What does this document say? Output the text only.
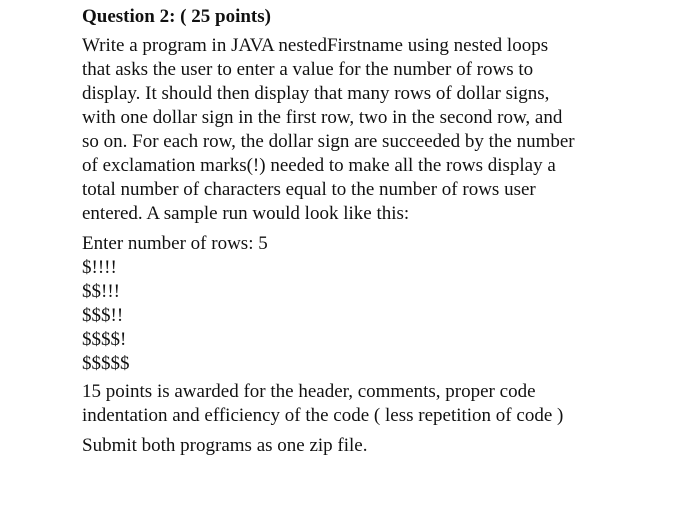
Question 2: ( 25 points)
Write a program in JAVA nestedFirstname using nested loops
that asks the user to enter a value for the number of rows to
display. It should then display that many rows of dollar signs,
with one dollar sign in the first row, two in the second row, and
so on. For each row, the dollar sign are succeeded by the number
of exclamation marks(!) needed to make all the rows display a
total number of characters equal to the number of rows user
entered. A sample run would look like this:
Enter number of rows: 5
$!!!!
$$!!!
$$$!!
$$$$!
$$$$$
15 points is awarded for the header, comments, proper code
indentation and efficiency of the code ( less repetition of code )
Submit both programs as one zip file.
